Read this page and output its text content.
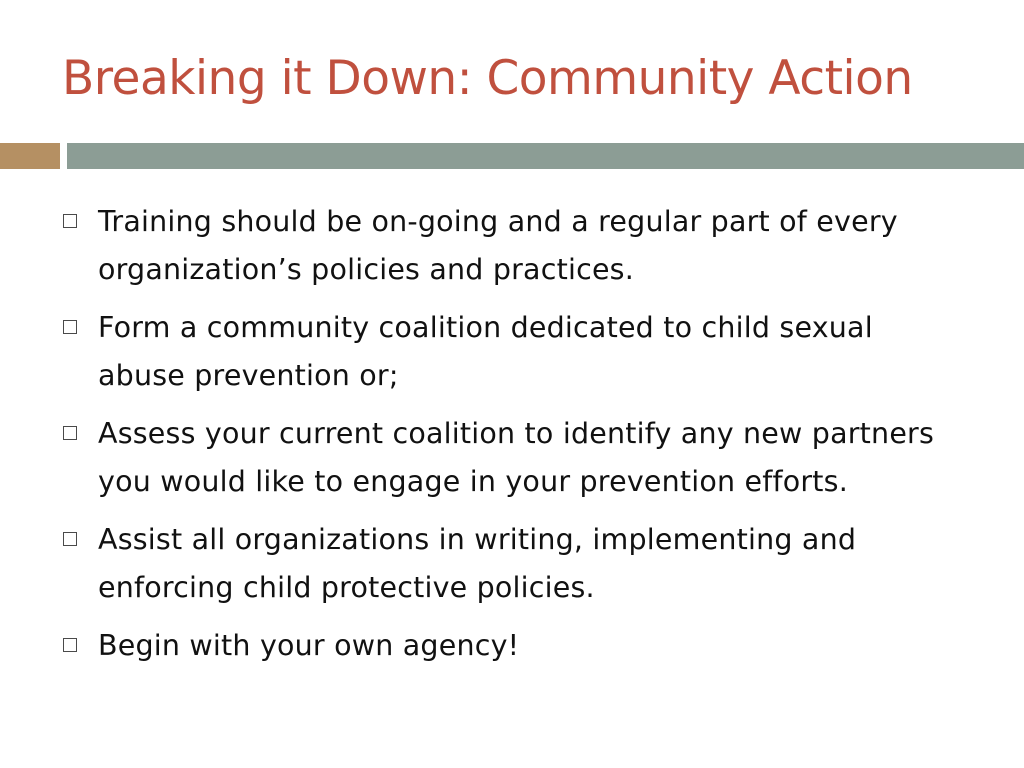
Breaking it Down: Community Action
Training should be on-going and a regular part of every organization’s policies and practices.
Form a community coalition dedicated to child sexual abuse prevention or;
Assess your current coalition to identify any new partners you would like to engage in your prevention efforts.
Assist all organizations in writing, implementing and enforcing child protective policies.
Begin with your own agency!
